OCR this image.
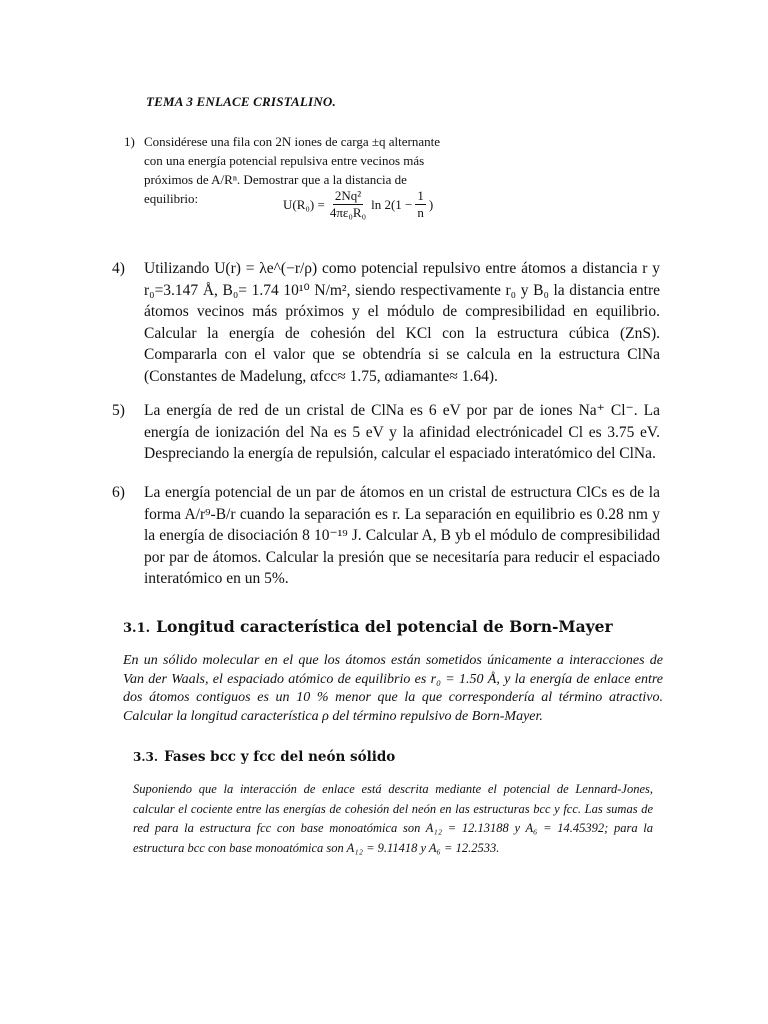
TEMA 3 ENLACE CRISTALINO.
1) Considérese una fila con 2N iones de carga ±q alternante con una energía potencial repulsiva entre vecinos más próximos de A/Rⁿ. Demostrar que a la distancia de equilibrio:	$U(R_0) = \frac{\text{2Nq²}}{\text{4πε₀R₀}}$ $\ln 2(1 - \frac{1}{n}$ )
4) Utilizando U(r) = λe^(−r/ρ) como potencial repulsivo entre átomos a distancia r y r₀=3.147 Å, B₀= 1.74 10¹⁰ N/m², siendo respectivamente r₀ y B₀ la distancia entre átomos vecinos más próximos y el módulo de compresibilidad en equilibrio. Calcular la energía de cohesión del KCl con la estructura cúbica (ZnS). Compararla con el valor que se obtendría si se calcula en la estructura ClNa (Constantes de Madelung, αfcc≈ 1.75, αdiamante≈ 1.64).
5) La energía de red de un cristal de ClNa es 6 eV por par de iones Na⁺ Cl⁻. La energía de ionización del Na es 5 eV y la afinidad electrónicadel Cl es 3.75 eV. Despreciando la energía de repulsión, calcular el espaciado interatómico del ClNa.
6) La energía potencial de un par de átomos en un cristal de estructura ClCs es de la forma A/r⁹-B/r cuando la separación es r. La separación en equilibrio es 0.28 nm y la energía de disociación 8 10⁻¹⁹ J. Calcular A, B yb el módulo de compresibilidad por par de átomos. Calcular la presión que se necesitaría para reducir el espaciado interatómico en un 5%.
3.1. Longitud característica del potencial de Born-Mayer
En un sólido molecular en el que los átomos están sometidos únicamente a interacciones de Van der Waals, el espaciado atómico de equilibrio es r₀ = 1.50 Å, y la energía de enlace entre dos átomos contiguos es un 10 % menor que la que correspondería al término atractivo. Calcular la longitud característica ρ del término repulsivo de Born-Mayer.
3.3. Fases bcc y fcc del neón sólido
Suponiendo que la interacción de enlace está descrita mediante el potencial de Lennard-Jones, calcular el cociente entre las energías de cohesión del neón en las estructuras bcc y fcc. Las sumas de red para la estructura fcc con base monoatómica son A₁₂ = 12.13188 y A₆ = 14.45392; para la estructura bcc con base monoatómica son A₁₂ = 9.11418 y A₆ = 12.2533.
